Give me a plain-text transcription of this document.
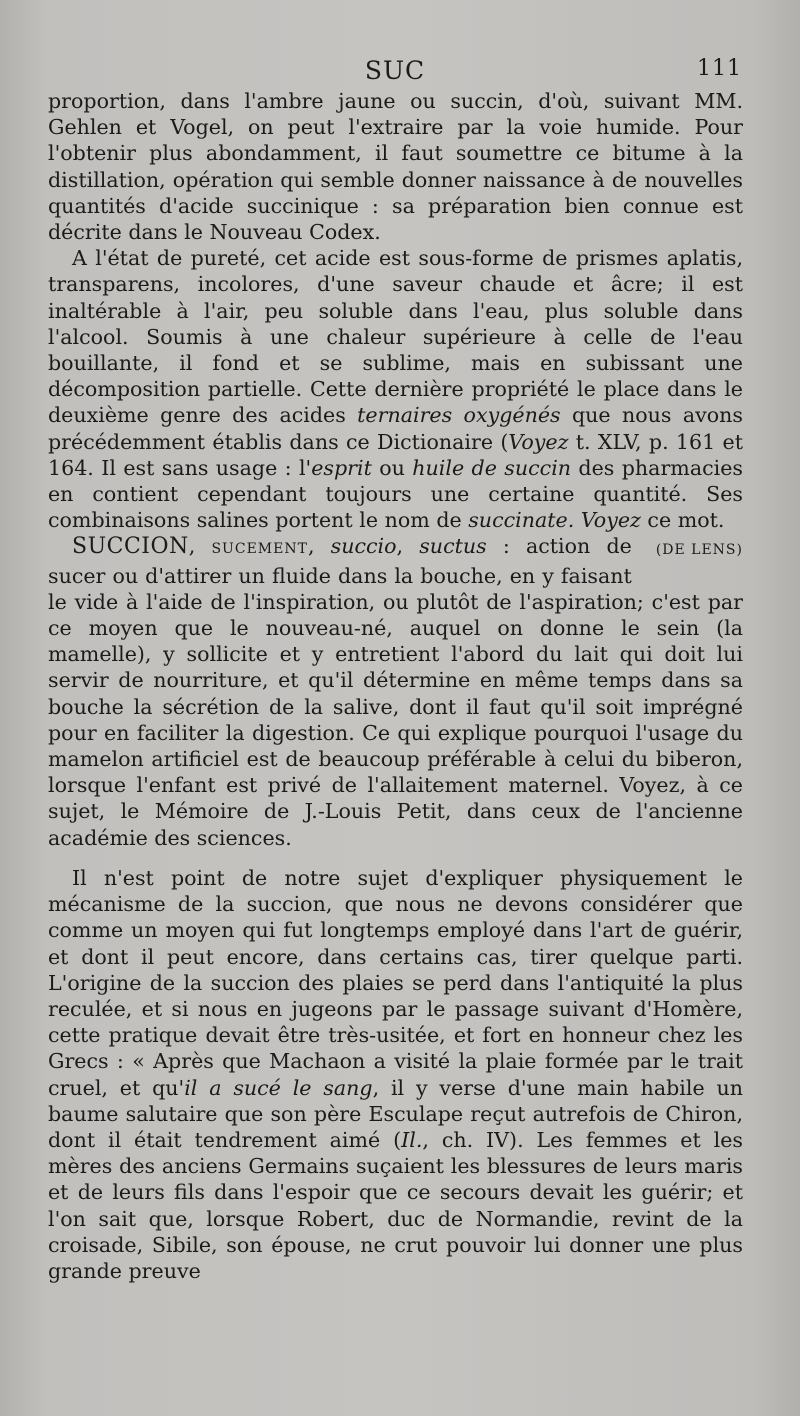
SUC	111

proportion, dans l'ambre jaune ou succin, d'où, suivant MM. Gehlen et Vogel, on peut l'extraire par la voie humide. Pour l'obtenir plus abondamment, il faut soumettre ce bitume à la distillation, opération qui semble donner naissance à de nouvelles quantités d'acide succinique : sa préparation bien connue est décrite dans le Nouveau Codex.

A l'état de pureté, cet acide est sous-forme de prismes aplatis, transparens, incolores, d'une saveur chaude et âcre; il est inaltérable à l'air, peu soluble dans l'eau, plus soluble dans l'alcool. Soumis à une chaleur supérieure à celle de l'eau bouillante, il fond et se sublime, mais en subissant une décomposition partielle. Cette dernière propriété le place dans le deuxième genre des acides ternaires oxygénés que nous avons précédemment établis dans ce Dictionaire (Voyez t. XLV, p. 161 et 164. Il est sans usage : l'esprit ou huile de succin des pharmacies en contient cependant toujours une certaine quantité. Ses combinaisons salines portent le nom de succinate. Voyez ce mot.
(DE LENS)

SUCCION, SUCEMENT, succio, suctus : action de sucer ou d'attirer un fluide dans la bouche, en y faisant le vide à l'aide de l'inspiration, ou plutôt de l'aspiration; c'est par ce moyen que le nouveau-né, auquel on donne le sein (la mamelle), y sollicite et y entretient l'abord du lait qui doit lui servir de nourriture, et qu'il détermine en même temps dans sa bouche la sécrétion de la salive, dont il faut qu'il soit imprégné pour en faciliter la digestion. Ce qui explique pourquoi l'usage du mamelon artificiel est de beaucoup préférable à celui du biberon, lorsque l'enfant est privé de l'allaitement maternel. Voyez, à ce sujet, le Mémoire de J.-Louis Petit, dans ceux de l'ancienne académie des sciences.

Il n'est point de notre sujet d'expliquer physiquement le mécanisme de la succion, que nous ne devons considérer que comme un moyen qui fut longtemps employé dans l'art de guérir, et dont il peut encore, dans certains cas, tirer quelque parti. L'origine de la succion des plaies se perd dans l'antiquité la plus reculée, et si nous en jugeons par le passage suivant d'Homère, cette pratique devait être très-usitée, et fort en honneur chez les Grecs : « Après que Machaon a visité la plaie formée par le trait cruel, et qu'il a sucé le sang, il y verse d'une main habile un baume salutaire que son père Esculape reçut autrefois de Chiron, dont il était tendrement aimé (Il., ch. IV). Les femmes et les mères des anciens Germains suçaient les blessures de leurs maris et de leurs fils dans l'espoir que ce secours devait les guérir; et l'on sait que, lorsque Robert, duc de Normandie, revint de la croisade, Sibile, son épouse, ne crut pouvoir lui donner une plus grande preuve
